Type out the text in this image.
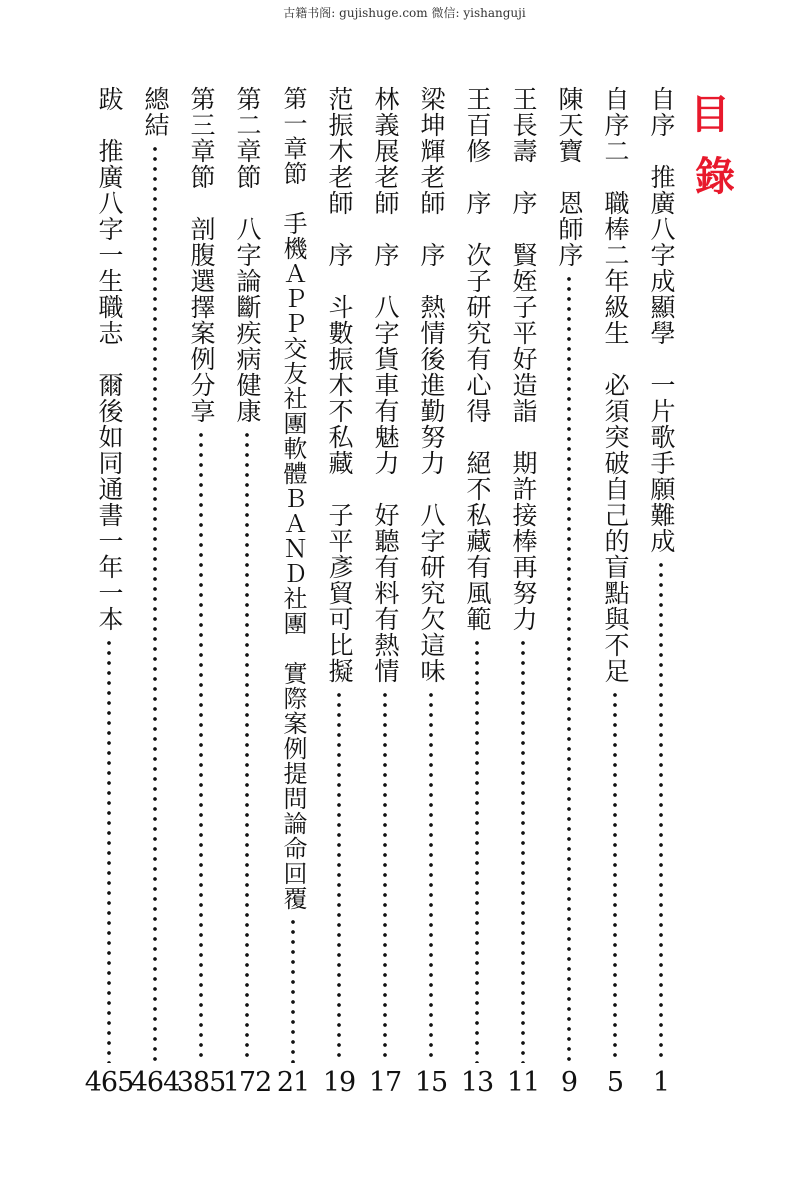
古籍书阁: gujishuge.com 微信: yishanguji
目
錄
自序　推廣八字成顯學　一片歌手願難成
1
自序二　職棒二年級生　必須突破自己的盲點與不足
5
陳天寶　恩師序
9
王長壽　序　賢姪子平好造詣　期許接棒再努力
11
王百修　序　次子研究有心得　絕不私藏有風範
13
梁坤輝老師　序　熱情後進勤努力　八字研究欠這味
15
林義展老師　序　八字貨車有魅力　好聽有料有熱情
17
范振木老師　序　斗數振木不私藏　子平彥貿可比擬
19
第一章節　手機ＡＰＰ交友社團軟體ＢＡＮＤ社團　實際案例提問論命回覆
21
第二章節　八字論斷疾病健康
172
第三章節　剖腹選擇案例分享
385
總結
464
跋　推廣八字一生職志　爾後如同通書一年一本
465
